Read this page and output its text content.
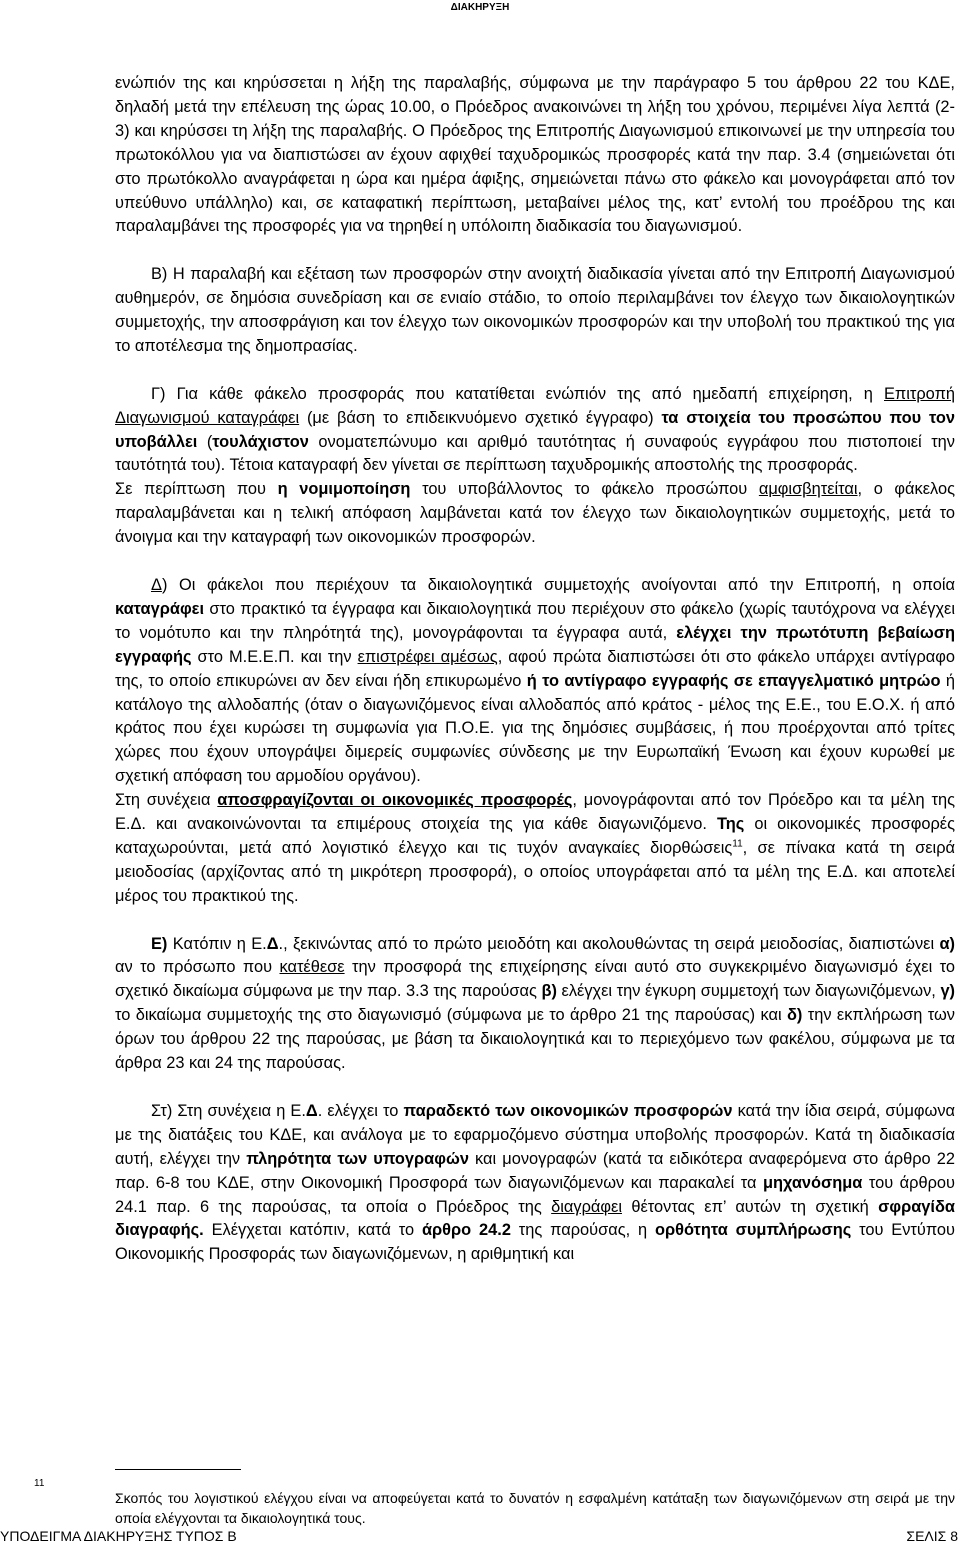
ΔΙΑΚΗΡΥΞΗ

ενώπιόν της και κηρύσσεται η λήξη της παραλαβής, σύμφωνα με την παράγραφο 5 του άρθρου 22 του ΚΔΕ, δηλαδή μετά την επέλευση της ώρας 10.00, ο Πρόεδρος ανακοινώνει τη λήξη του χρόνου, περιμένει λίγα λεπτά (2-3) και κηρύσσει τη λήξη της παραλαβής. Ο Πρόεδρος της Επιτροπής Διαγωνισμού επικοινωνεί με την υπηρεσία του πρωτοκόλλου για να διαπιστώσει αν έχουν αφιχθεί ταχυδρομικώς προσφορές κατά την παρ. 3.4 (σημειώνεται ότι στο πρωτόκολλο αναγράφεται η ώρα και ημέρα άφιξης, σημειώνεται πάνω στο φάκελο και μονογράφεται από τον υπεύθυνο υπάλληλο) και, σε καταφατική περίπτωση, μεταβαίνει μέλος της, κατ’ εντολή του προέδρου της και παραλαμβάνει της προσφορές για να τηρηθεί η υπόλοιπη διαδικασία του διαγωνισμού.

Β) Η παραλαβή και εξέταση των προσφορών στην ανοιχτή διαδικασία γίνεται από την Επιτροπή Διαγωνισμού αυθημερόν, σε δημόσια συνεδρίαση και σε ενιαίο στάδιο, το οποίο περιλαμβάνει τον έλεγχο των δικαιολογητικών συμμετοχής, την αποσφράγιση και τον έλεγχο των οικονομικών προσφορών και την υποβολή του πρακτικού της για το αποτέλεσμα της δημοπρασίας.

Γ) Για κάθε φάκελο προσφοράς που κατατίθεται ενώπιόν της από ημεδαπή επιχείρηση, η Επιτροπή Διαγωνισμού καταγράφει (με βάση το επιδεικνυόμενο σχετικό έγγραφο) τα στοιχεία του προσώπου που τον υποβάλλει (τουλάχιστον ονοματεπώνυμο και αριθμό ταυτότητας ή συναφούς εγγράφου που πιστοποιεί την ταυτότητά του). Τέτοια καταγραφή δεν γίνεται σε περίπτωση ταχυδρομικής αποστολής της προσφοράς.

Σε περίπτωση που η νομιμοποίηση του υποβάλλοντος το φάκελο προσώπου αμφισβητείται, ο φάκελος παραλαμβάνεται και η τελική απόφαση λαμβάνεται κατά τον έλεγχο των δικαιολογητικών συμμετοχής, μετά το άνοιγμα και την καταγραφή των οικονομικών προσφορών.

Δ) Οι φάκελοι που περιέχουν τα δικαιολογητικά συμμετοχής ανοίγονται από την Επιτροπή, η οποία καταγράφει στο πρακτικό τα έγγραφα και δικαιολογητικά που περιέχουν στο φάκελο (χωρίς ταυτόχρονα να ελέγχει το νομότυπο και την πληρότητά της), μονογράφονται τα έγγραφα αυτά, ελέγχει την πρωτότυπη βεβαίωση εγγραφής στο Μ.Ε.Ε.Π. και την επιστρέφει αμέσως, αφού πρώτα διαπιστώσει ότι στο φάκελο υπάρχει αντίγραφο της, το οποίο επικυρώνει αν δεν είναι ήδη επικυρωμένο ή το αντίγραφο εγγραφής σε επαγγελματικό μητρώο ή κατάλογο της αλλοδαπής (όταν ο διαγωνιζόμενος είναι αλλοδαπός από κράτος - μέλος της Ε.Ε., του Ε.Ο.Χ. ή από κράτος που έχει κυρώσει τη συμφωνία για Π.Ο.Ε. για της δημόσιες συμβάσεις, ή που προέρχονται από τρίτες χώρες που έχουν υπογράψει διμερείς συμφωνίες σύνδεσης με την Ευρωπαϊκή Ένωση και έχουν κυρωθεί με σχετική απόφαση του αρμοδίου οργάνου).

Στη συνέχεια αποσφραγίζονται οι οικονομικές προσφορές, μονογράφονται από τον Πρόεδρο και τα μέλη της Ε.Δ. και ανακοινώνονται τα επιμέρους στοιχεία της για κάθε διαγωνιζόμενο. Της οι οικονομικές προσφορές καταχωρούνται, μετά από λογιστικό έλεγχο και τις τυχόν αναγκαίες διορθώσεις$^{11}$, σε πίνακα κατά τη σειρά μειοδοσίας (αρχίζοντας από τη μικρότερη προσφορά), ο οποίος υπογράφεται από τα μέλη της Ε.Δ. και αποτελεί μέρος του πρακτικού της.

Ε) Κατόπιν η Ε.Δ., ξεκινώντας από το πρώτο μειοδότη και ακολουθώντας τη σειρά μειοδοσίας, διαπιστώνει α) αν το πρόσωπο που κατέθεσε την προσφορά της επιχείρησης είναι αυτό στο συγκεκριμένο διαγωνισμό έχει το σχετικό δικαίωμα σύμφωνα με την παρ. 3.3 της παρούσας β) ελέγχει την έγκυρη συμμετοχή των διαγωνιζόμενων, γ) το δικαίωμα συμμετοχής της στο διαγωνισμό (σύμφωνα με το άρθρο 21 της παρούσας) και δ) την εκπλήρωση των όρων του άρθρου 22 της παρούσας, με βάση τα δικαιολογητικά και το περιεχόμενο των φακέλου, σύμφωνα με τα άρθρα 23 και 24 της παρούσας.

Στ) Στη συνέχεια η Ε.Δ. ελέγχει το παραδεκτό των οικονομικών προσφορών κατά την ίδια σειρά, σύμφωνα με της διατάξεις του ΚΔΕ, και ανάλογα με το εφαρμοζόμενο σύστημα υποβολής προσφορών. Κατά τη διαδικασία αυτή, ελέγχει την πληρότητα των υπογραφών και μονογραφών (κατά τα ειδικότερα αναφερόμενα στο άρθρο 22 παρ. 6-8 του ΚΔΕ, στην Οικονομική Προσφορά των διαγωνιζόμενων και παρακαλεί τα μηχανόσημα του άρθρου 24.1 παρ. 6 της παρούσας, τα οποία ο Πρόεδρος της διαγράφει θέτοντας επ’ αυτών τη σχετική σφραγίδα διαγραφής. Ελέγχεται κατόπιν, κατά το άρθρο 24.2 της παρούσας, η ορθότητα συμπλήρωσης του Εντύπου Οικονομικής Προσφοράς των διαγωνιζόμενων, η αριθμητική και

11
Σκοπός του λογιστικού ελέγχου είναι να αποφεύγεται κατά το δυνατόν η εσφαλμένη κατάταξη των διαγωνιζόμενων στη σειρά με την οποία ελέγχονται τα δικαιολογητικά τους.
ΥΠΟΔΕΙΓΜΑ ΔΙΑΚΗΡΥΞΗΣ ΤΥΠΟΣ Β	ΣΕΛΙΣ 8
